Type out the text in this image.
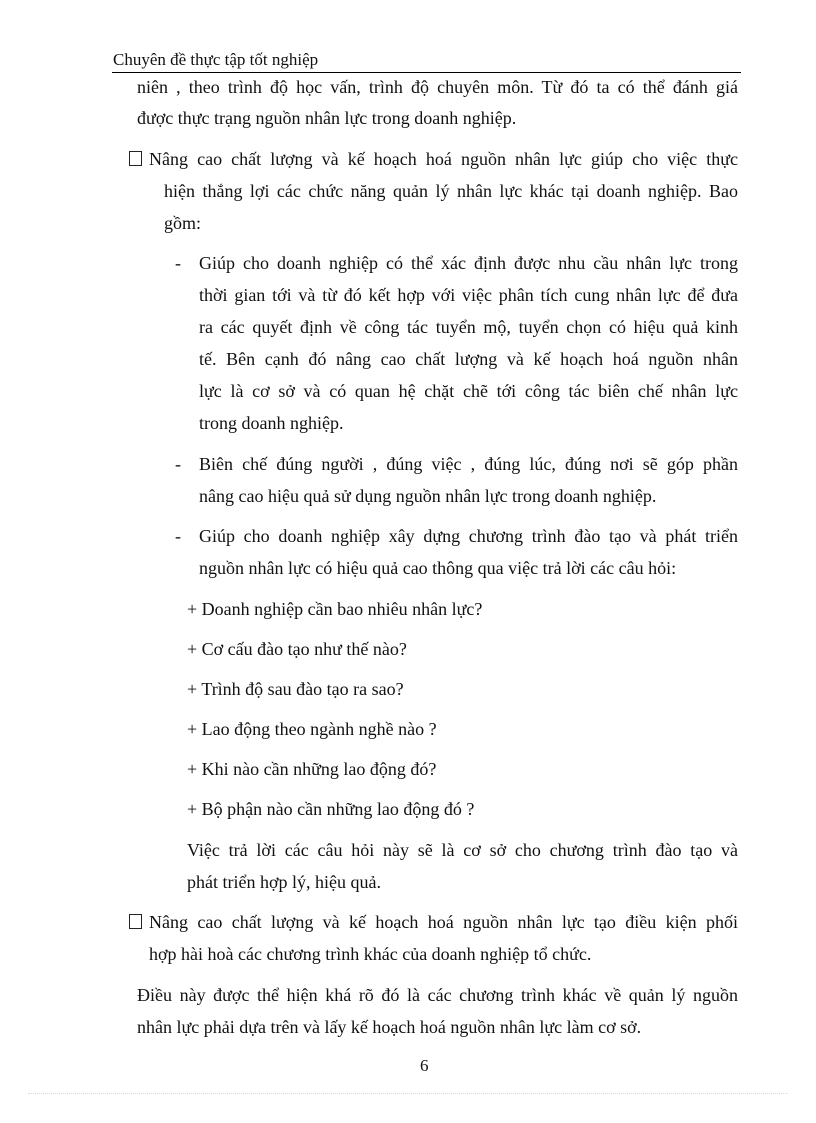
Chuyên đề thực tập tốt nghiệp
niên , theo trình độ học vấn, trình độ chuyên môn. Từ đó ta có thể đánh giá
được thực trạng nguồn nhân lực trong doanh nghiệp.
Nâng cao chất lượng và kế hoạch hoá nguồn nhân lực giúp cho việc thực
hiện thắng lợi các chức năng quản lý nhân lực khác tại doanh nghiệp. Bao
gồm:
- Giúp cho doanh nghiệp có thể xác định được nhu cầu nhân lực trong
thời gian tới và từ đó kết hợp với việc phân tích cung nhân lực để đưa
ra các quyết định về công tác tuyển mộ, tuyển chọn có hiệu quả kinh
tế. Bên cạnh đó nâng cao chất lượng và kế hoạch hoá nguồn nhân
lực là cơ sở và có quan hệ chặt chẽ tới công tác biên chế nhân lực
trong doanh nghiệp.
- Biên chế đúng người , đúng việc , đúng lúc, đúng nơi sẽ góp phần
nâng cao hiệu quả sử dụng nguồn nhân lực trong doanh nghiệp.
- Giúp cho doanh nghiệp xây dựng chương trình đào tạo và phát triển
nguồn nhân lực có hiệu quả cao thông qua việc trả lời các câu hỏi:
+ Doanh nghiệp cần bao nhiêu nhân lực?
+ Cơ cấu đào tạo như thế nào?
+ Trình độ sau đào tạo ra sao?
+ Lao động theo ngành nghề nào ?
+ Khi nào cần những lao động đó?
+ Bộ phận nào cần những lao động đó ?
Việc trả lời các câu hỏi này sẽ là cơ sở cho chương trình đào tạo và
phát triển hợp lý, hiệu quả.
Nâng cao chất lượng và kế hoạch hoá nguồn nhân lực tạo điều kiện phối
hợp hài hoà các chương trình khác của doanh nghiệp tổ chức.
Điều này được thể hiện khá rõ đó là các chương trình khác về quản lý nguồn
nhân lực phải dựa trên và lấy kế hoạch hoá nguồn nhân lực làm cơ sở.
6
